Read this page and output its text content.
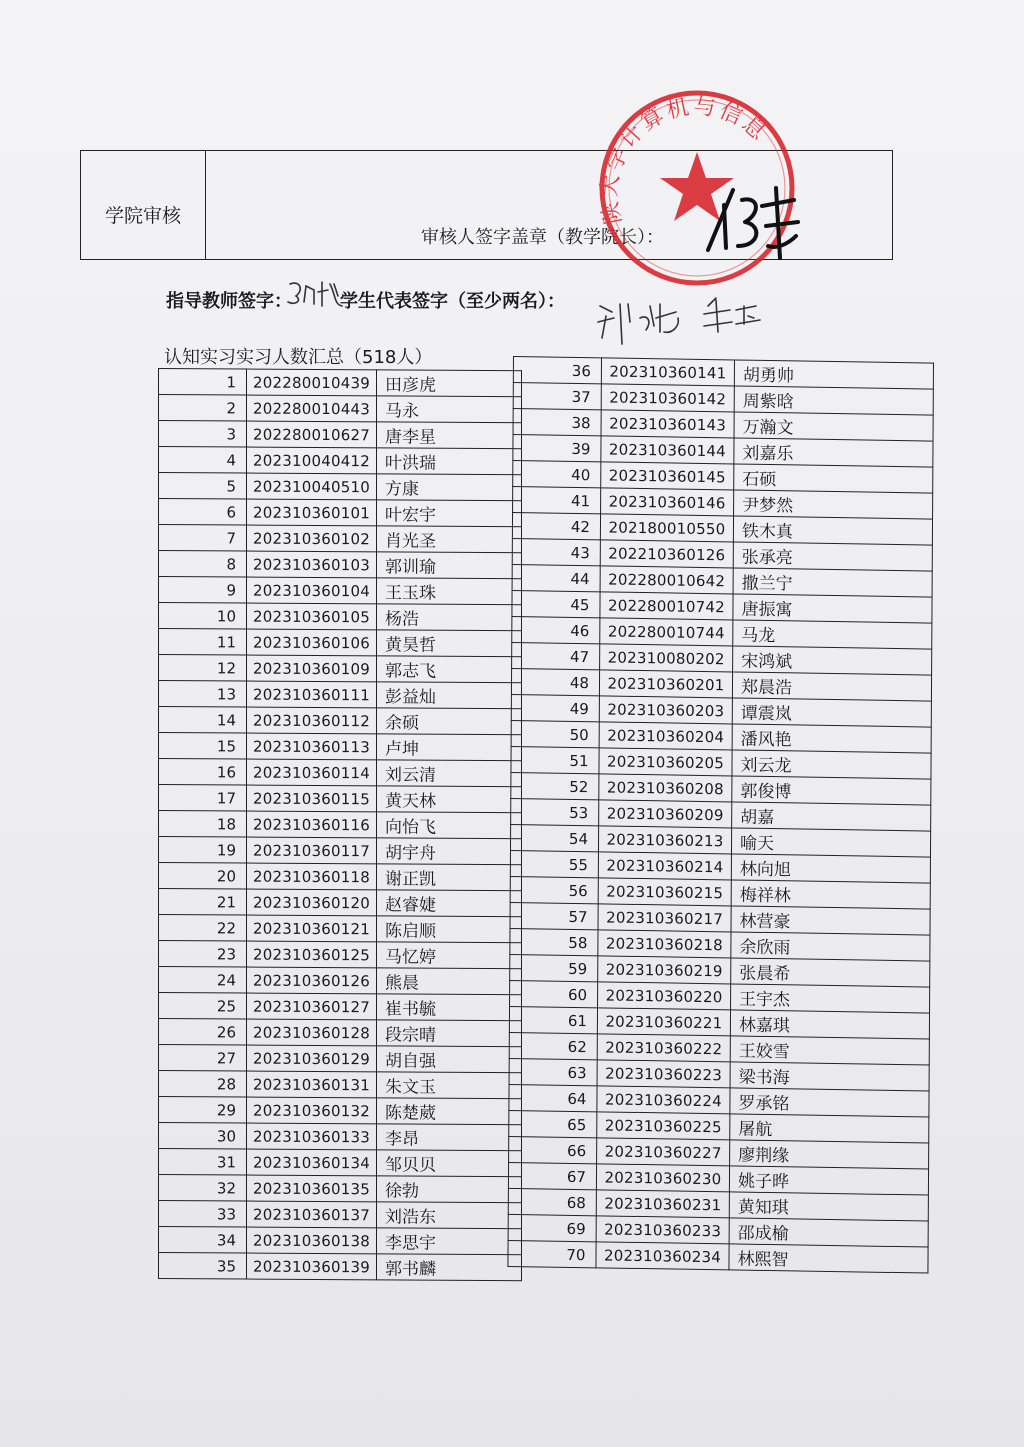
学院审核
审核人签字盖章（教学院长）：
指导教师签字：	学生代表签字（至少两名）：
认知实习实习人数汇总（518人）
1	202280010439	田彦虎
2	202280010443	马永
3	202280010627	唐李星
4	202310040412	叶洪瑞
5	202310040510	方康
6	202310360101	叶宏宇
7	202310360102	肖光圣
8	202310360103	郭训瑜
9	202310360104	王玉珠
10	202310360105	杨浩
11	202310360106	黄昊哲
12	202310360109	郭志飞
13	202310360111	彭益灿
14	202310360112	余硕
15	202310360113	卢坤
16	202310360114	刘云清
17	202310360115	黄天林
18	202310360116	向怡飞
19	202310360117	胡宇舟
20	202310360118	谢正凯
21	202310360120	赵睿婕
22	202310360121	陈启顺
23	202310360125	马忆婷
24	202310360126	熊晨
25	202310360127	崔书毓
26	202310360128	段宗晴
27	202310360129	胡自强
28	202310360131	朱文玉
29	202310360132	陈楚葳
30	202310360133	李昂
31	202310360134	邹贝贝
32	202310360135	徐勃
33	202310360137	刘浩东
34	202310360138	李思宇
35	202310360139	郭书麟
36	202310360141	胡勇帅
37	202310360142	周紫晗
38	202310360143	万瀚文
39	202310360144	刘嘉乐
40	202310360145	石硕
41	202310360146	尹梦然
42	202180010550	铁木真
43	202210360126	张承亮
44	202280010642	撒兰宁
45	202280010742	唐振寓
46	202280010744	马龙
47	202310080202	宋鸿斌
48	202310360201	郑晨浩
49	202310360203	谭震岚
50	202310360204	潘风艳
51	202310360205	刘云龙
52	202310360208	郭俊博
53	202310360209	胡嘉
54	202310360213	喻天
55	202310360214	林向旭
56	202310360215	梅祥林
57	202310360217	林营豪
58	202310360218	余欣雨
59	202310360219	张晨希
60	202310360220	王宇杰
61	202310360221	林嘉琪
62	202310360222	王姣雪
63	202310360223	梁书海
64	202310360224	罗承铭
65	202310360225	屠航
66	202310360227	廖荆缘
67	202310360230	姚子晔
68	202310360231	黄知琪
69	202310360233	邵成榆
70	202310360234	林熙智
陕大学计算机与信息
